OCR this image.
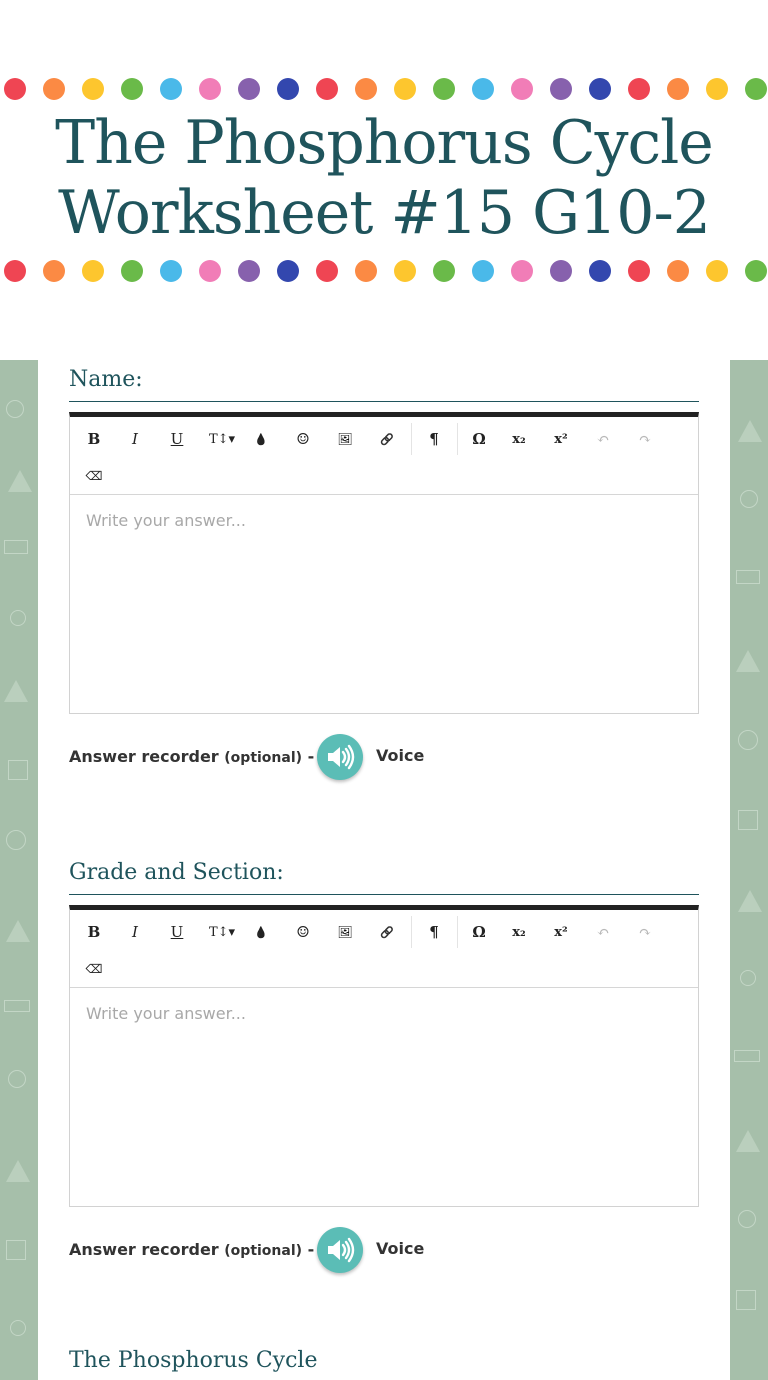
The Phosphorus Cycle
Worksheet #15 G10-2
Name:
B	I	U	T↕▾	💧	☺	🖼	🔗	¶	Ω	x₂	x²	↶	↷
⌫
Write your answer...
Answer recorder (optional) -	Voice
Grade and Section:
B	I	U	T↕▾	💧	☺	🖼	🔗	¶	Ω	x₂	x²	↶	↷
⌫
Write your answer...
Answer recorder (optional) -	Voice
The Phosphorus Cycle
